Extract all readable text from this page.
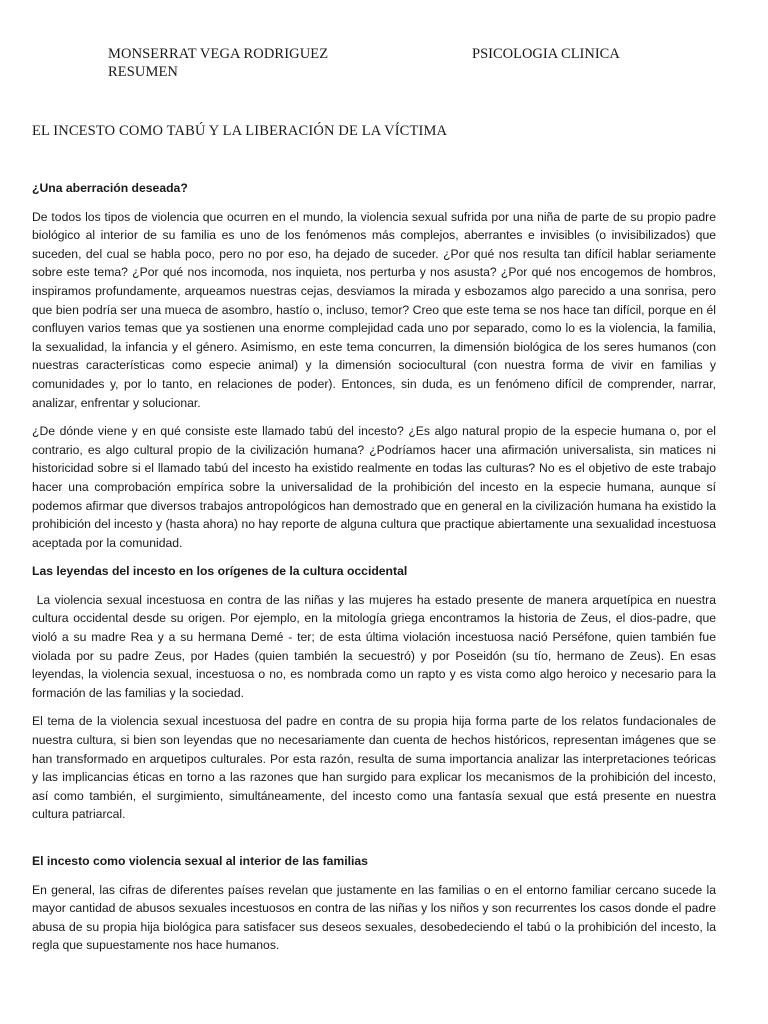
MONSERRAT VEGA RODRIGUEZ
RESUMEN
PSICOLOGIA CLINICA
EL INCESTO COMO TABÚ Y LA LIBERACIÓN DE LA VÍCTIMA
¿Una aberración deseada?

De todos los tipos de violencia que ocurren en el mundo, la violencia sexual sufrida por una niña de parte de su propio padre biológico al interior de su familia es uno de los fenómenos más complejos, aberrantes e invisibles (o invisibilizados) que suceden, del cual se habla poco, pero no por eso, ha dejado de suceder. ¿Por qué nos resulta tan difícil hablar seriamente sobre este tema? ¿Por qué nos incomoda, nos inquieta, nos perturba y nos asusta? ¿Por qué nos encogemos de hombros, inspiramos profundamente, arqueamos nuestras cejas, desviamos la mirada y esbozamos algo parecido a una sonrisa, pero que bien podría ser una mueca de asombro, hastío o, incluso, temor? Creo que este tema se nos hace tan difícil, porque en él confluyen varios temas que ya sostienen una enorme complejidad cada uno por separado, como lo es la violencia, la familia, la sexualidad, la infancia y el género. Asimismo, en este tema concurren, la dimensión biológica de los seres humanos (con nuestras características como especie animal) y la dimensión sociocultural (con nuestra forma de vivir en familias y comunidades y, por lo tanto, en relaciones de poder). Entonces, sin duda, es un fenómeno difícil de comprender, narrar, analizar, enfrentar y solucionar.

¿De dónde viene y en qué consiste este llamado tabú del incesto? ¿Es algo natural propio de la especie humana o, por el contrario, es algo cultural propio de la civilización humana? ¿Podríamos hacer una afirmación universalista, sin matices ni historicidad sobre si el llamado tabú del incesto ha existido realmente en todas las culturas? No es el objetivo de este trabajo hacer una comprobación empírica sobre la universalidad de la prohibición del incesto en la especie humana, aunque sí podemos afirmar que diversos trabajos antropológicos han demostrado que en general en la civilización humana ha existido la prohibición del incesto y (hasta ahora) no hay reporte de alguna cultura que practique abiertamente una sexualidad incestuosa aceptada por la comunidad.

Las leyendas del incesto en los orígenes de la cultura occidental

La violencia sexual incestuosa en contra de las niñas y las mujeres ha estado presente de manera arquetípica en nuestra cultura occidental desde su origen. Por ejemplo, en la mitología griega encontramos la historia de Zeus, el dios-padre, que violó a su madre Rea y a su hermana Demé - ter; de esta última violación incestuosa nació Perséfone, quien también fue violada por su padre Zeus, por Hades (quien también la secuestró) y por Poseidón (su tío, hermano de Zeus). En esas leyendas, la violencia sexual, incestuosa o no, es nombrada como un rapto y es vista como algo heroico y necesario para la formación de las familias y la sociedad.

El tema de la violencia sexual incestuosa del padre en contra de su propia hija forma parte de los relatos fundacionales de nuestra cultura, si bien son leyendas que no necesariamente dan cuenta de hechos históricos, representan imágenes que se han transformado en arquetipos culturales. Por esta razón, resulta de suma importancia analizar las interpretaciones teóricas y las implicancias éticas en torno a las razones que han surgido para explicar los mecanismos de la prohibición del incesto, así como también, el surgimiento, simultáneamente, del incesto como una fantasía sexual que está presente en nuestra cultura patriarcal.

El incesto como violencia sexual al interior de las familias

En general, las cifras de diferentes países revelan que justamente en las familias o en el entorno familiar cercano sucede la mayor cantidad de abusos sexuales incestuosos en contra de las niñas y los niños y son recurrentes los casos donde el padre abusa de su propia hija biológica para satisfacer sus deseos sexuales, desobedeciendo el tabú o la prohibición del incesto, la regla que supuestamente nos hace humanos.
